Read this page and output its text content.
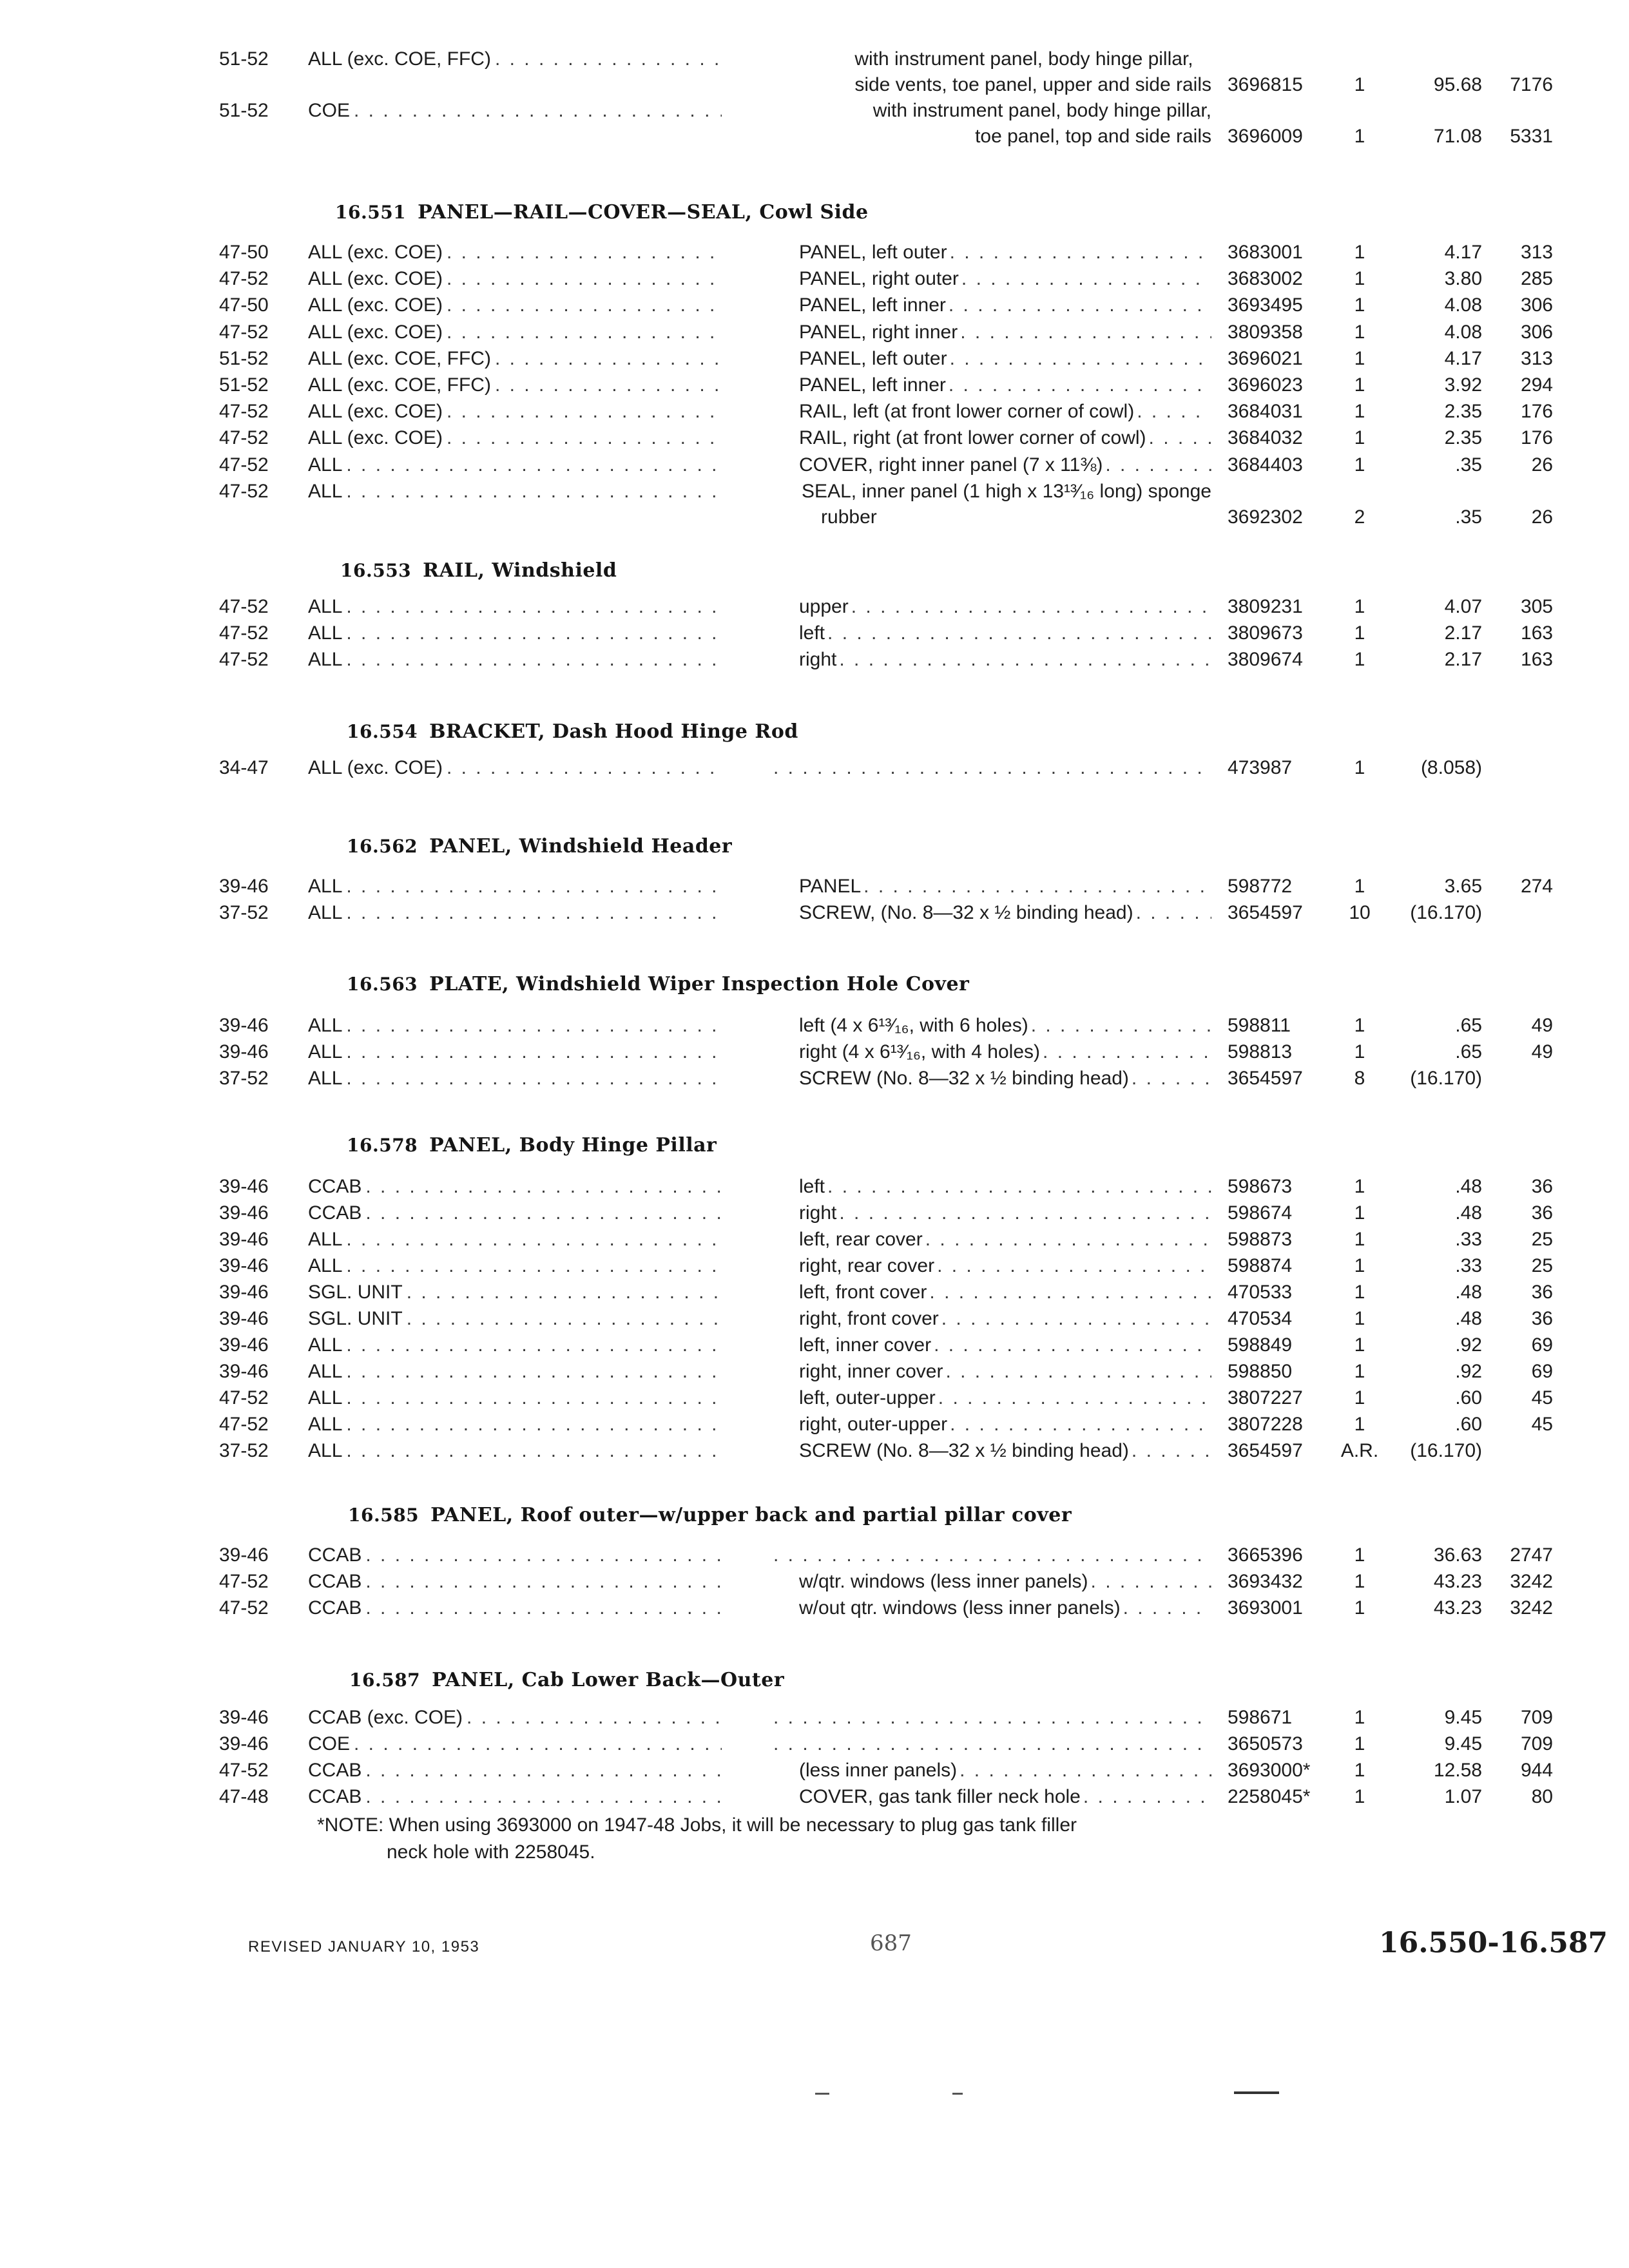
51-52 ALL (exc. COE, FFC) . . .	with instrument panel, body hinge pillar,
side vents, toe panel, upper and side rails 3696815	1	95.68	7176
51-52 COE . . .	with instrument panel, body hinge pillar,
toe panel, top and side rails 3696009	1	71.08	5331
16.551 PANEL—RAIL—COVER—SEAL, Cowl Side
47-50 ALL (exc. COE) . . .	PANEL, left outer . . .	3683001	1	4.17	313
47-52 ALL (exc. COE) . . .	PANEL, right outer . . .	3683002	1	3.80	285
47-50 ALL (exc. COE) . . .	PANEL, left inner . . .	3693495	1	4.08	306
47-52 ALL (exc. COE) . . .	PANEL, right inner . . .	3809358	1	4.08	306
51-52 ALL (exc. COE, FFC) . . .	PANEL, left outer . . .	3696021	1	4.17	313
51-52 ALL (exc. COE, FFC) . . .	PANEL, left inner . . .	3696023	1	3.92	294
47-52 ALL (exc. COE) . . .	RAIL, left (at front lower corner of cowl) . . .	3684031	1	2.35	176
47-52 ALL (exc. COE) . . .	RAIL, right (at front lower corner of cowl) . . .	3684032	1	2.35	176
47-52 ALL . . .	COVER, right inner panel (7 x 11⅜) . . .	3684403	1	.35	26
47-52 ALL . . .	SEAL, inner panel (1 high x 13¹³⁄₁₆ long) sponge
rubber	3692302	2	.35	26
16.553 RAIL, Windshield
47-52 ALL . . .	upper . . .	3809231	1	4.07	305
47-52 ALL . . .	left . . .	3809673	1	2.17	163
47-52 ALL . . .	right . . .	3809674	1	2.17	163
16.554 BRACKET, Dash Hood Hinge Rod
34-47 ALL (exc. COE) . . . . . .	473987	1	(8.058)
16.562 PANEL, Windshield Header
39-46 ALL . . .	PANEL . . .	598772	1	3.65	274
37-52 ALL . . .	SCREW, (No. 8—32 x ½ binding head) . . .	3654597	10	(16.170)
16.563 PLATE, Windshield Wiper Inspection Hole Cover
39-46 ALL . . .	left (4 x 6¹³⁄₁₆, with 6 holes) . . .	598811	1	.65	49
39-46 ALL . . .	right (4 x 6¹³⁄₁₆, with 4 holes) . . .	598813	1	.65	49
37-52 ALL . . .	SCREW (No. 8—32 x ½ binding head) . . .	3654597	8	(16.170)
16.578 PANEL, Body Hinge Pillar
39-46 CCAB . . .	left . . .	598673	1	.48	36
39-46 CCAB . . .	right . . .	598674	1	.48	36
39-46 ALL . . .	left, rear cover . . .	598873	1	.33	25
39-46 ALL . . .	right, rear cover . . .	598874	1	.33	25
39-46 SGL. UNIT . . .	left, front cover . . .	470533	1	.48	36
39-46 SGL. UNIT . . .	right, front cover . . .	470534	1	.48	36
39-46 ALL . . .	left, inner cover . . .	598849	1	.92	69
39-46 ALL . . .	right, inner cover . . .	598850	1	.92	69
47-52 ALL . . .	left, outer-upper . . .	3807227	1	.60	45
47-52 ALL . . .	right, outer-upper . . .	3807228	1	.60	45
37-52 ALL . . .	SCREW (No. 8—32 x ½ binding head) . . .	3654597 A.R.	(16.170)
16.585 PANEL, Roof outer—w/upper back and partial pillar cover
39-46 CCAB . . . . . .	3665396	1	36.63	2747
47-52 CCAB . . .	w/qtr. windows (less inner panels) . . .	3693432	1	43.23	3242
47-52 CCAB . . .	w/out qtr. windows (less inner panels) . . .	3693001	1	43.23	3242
16.587 PANEL, Cab Lower Back—Outer
39-46 CCAB (exc. COE) . . . . . .	598671	1	9.45	709
39-46 COE . . . . . .	3650573	1	9.45	709
47-52 CCAB . . .	(less inner panels) . . .	3693000*	1	12.58	944
47-48 CCAB . . .	COVER, gas tank filler neck hole . . .	2258045*	1	1.07	80
*NOTE: When using 3693000 on 1947-48 Jobs, it will be necessary to plug gas tank filler
neck hole with 2258045.
REVISED JANUARY 10, 1953	687	16.550-16.587
